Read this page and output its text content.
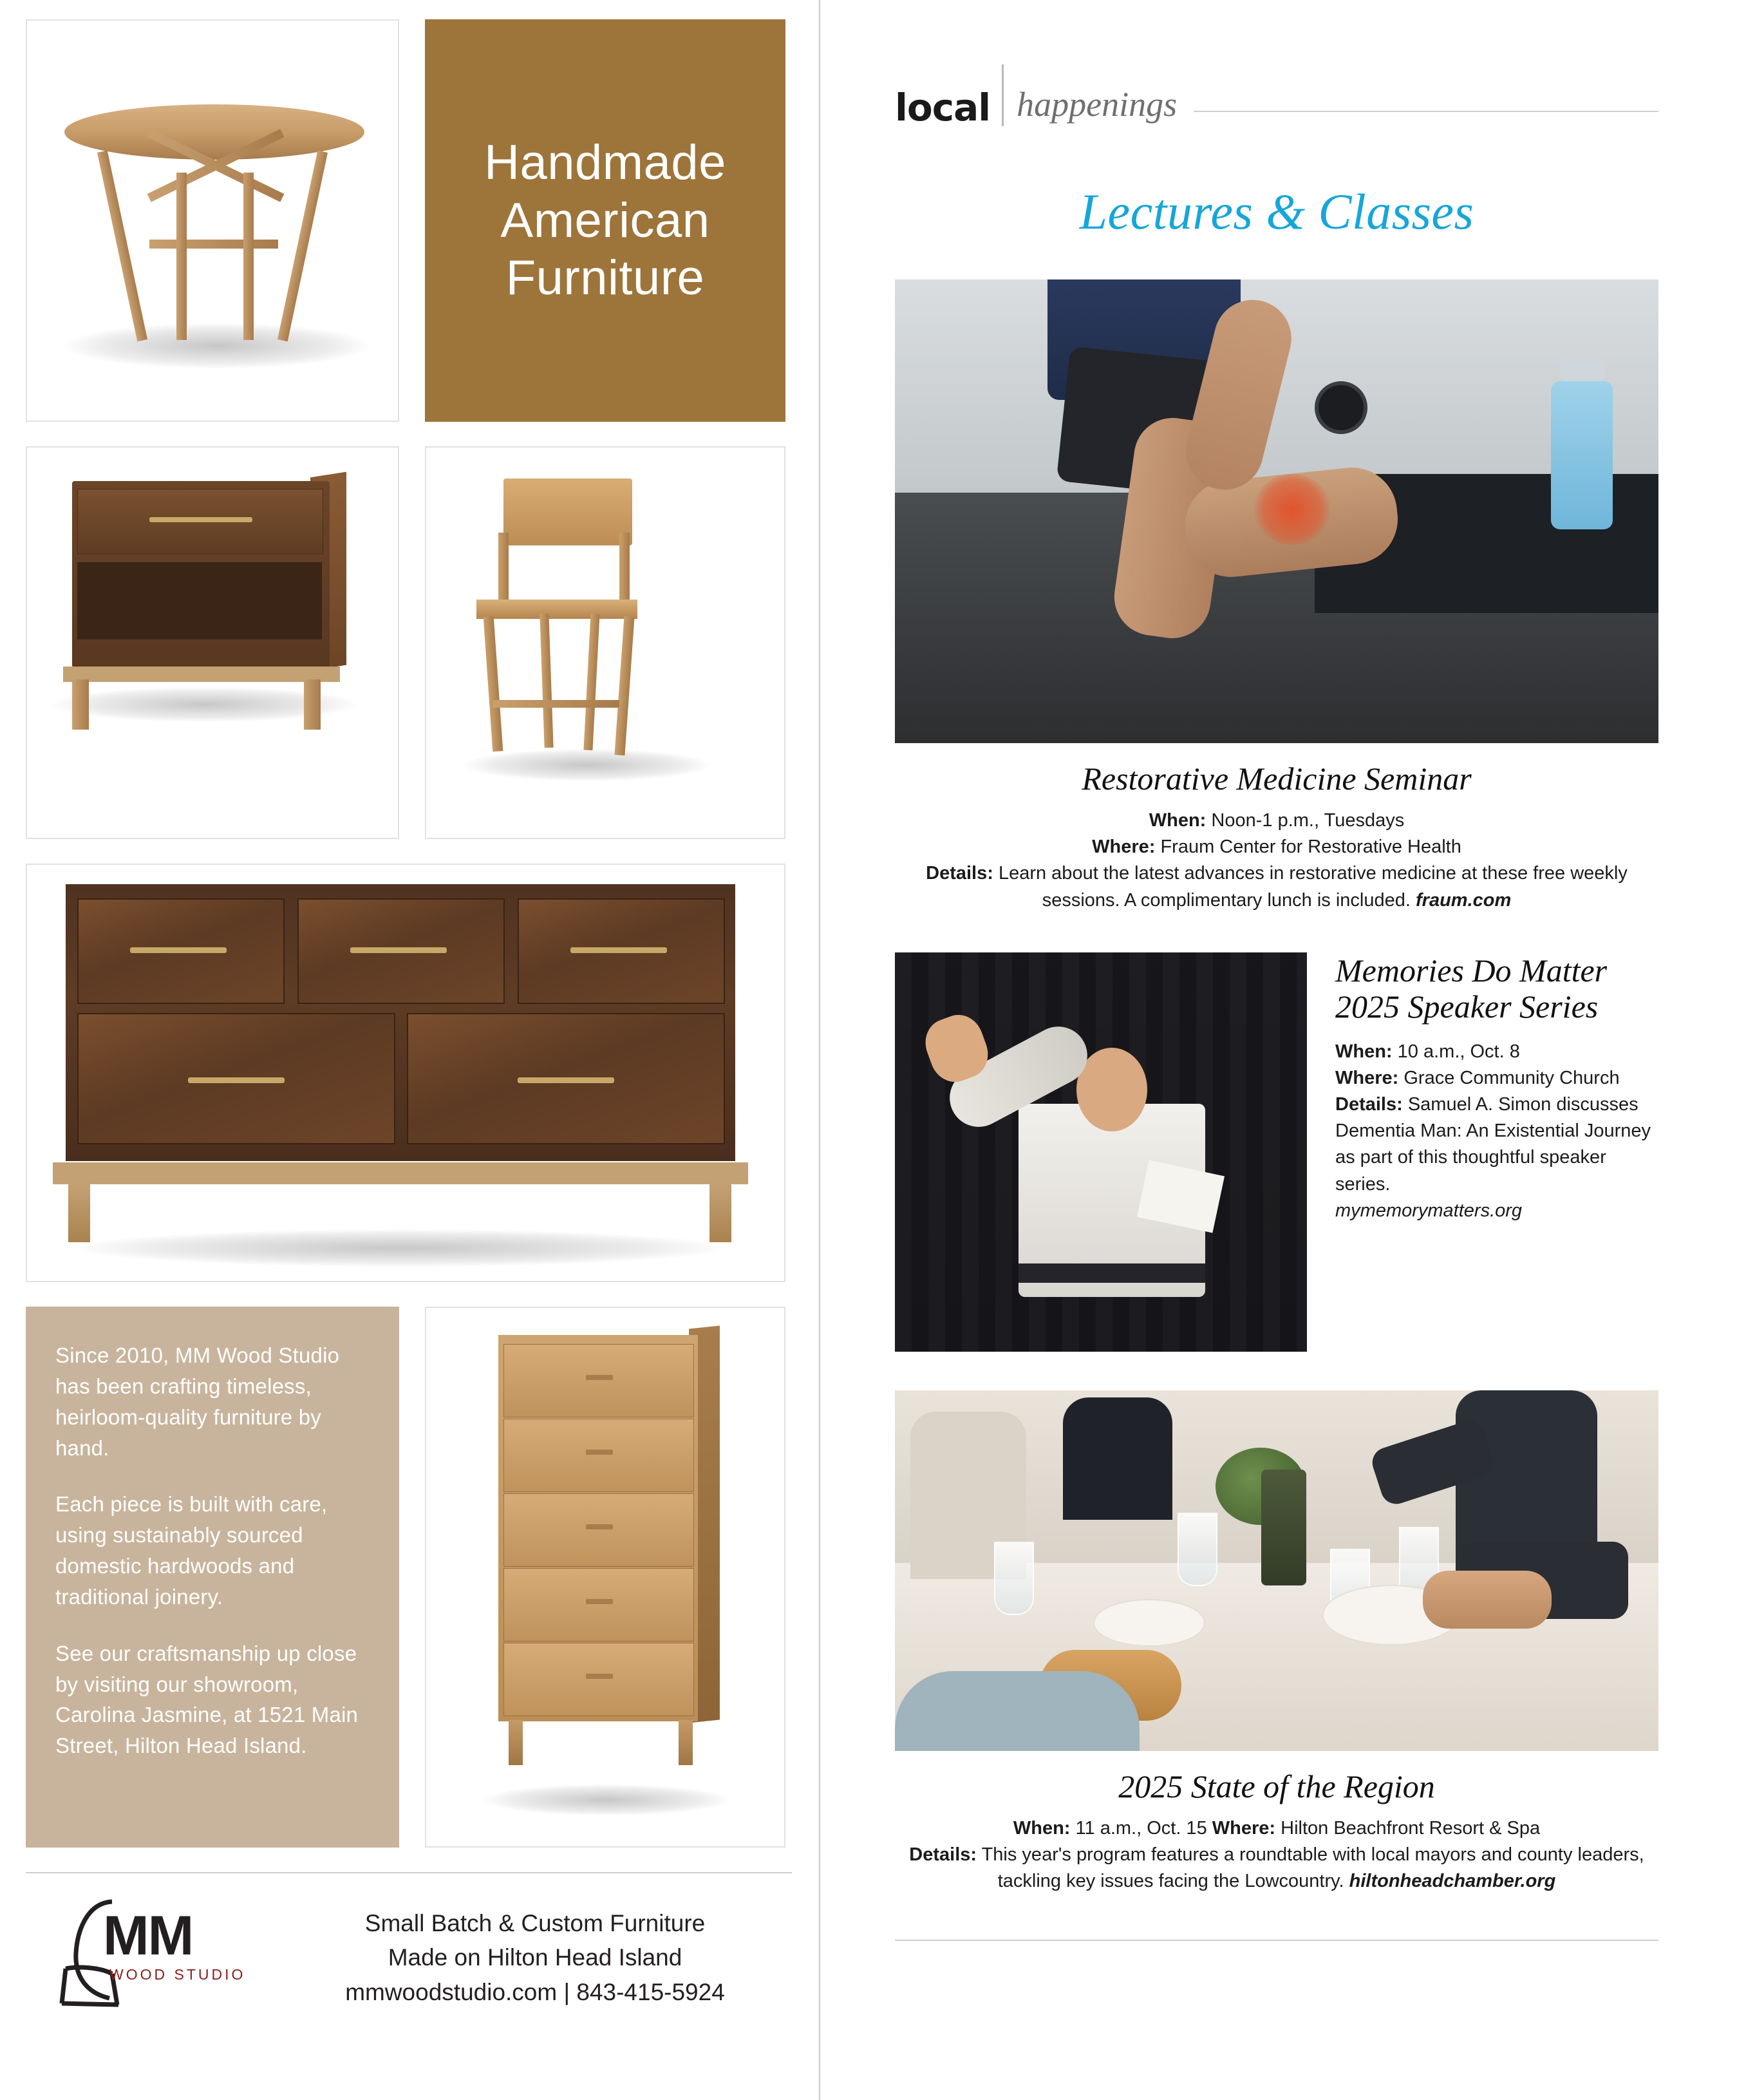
Handmade
American
Furniture

Since 2010, MM Wood Studio has been crafting timeless, heirloom-quality furniture by hand.

Each piece is built with care, using sustainably sourced domestic hardwoods and traditional joinery.

See our craftsmanship up close by visiting our showroom, Carolina Jasmine, at 1521 Main Street, Hilton Head Island.

MM
WOOD STUDIO
Small Batch & Custom Furniture
Made on Hilton Head Island
mmwoodstudio.com | 843-415-5924
local happenings
Lectures & Classes
Restorative Medicine Seminar
When: Noon-1 p.m., Tuesdays
Where: Fraum Center for Restorative Health
Details: Learn about the latest advances in restorative medicine at these free weekly sessions. A complimentary lunch is included. fraum.com
Memories Do Matter 2025 Speaker Series
When: 10 a.m., Oct. 8
Where: Grace Community Church
Details: Samuel A. Simon discusses Dementia Man: An Existential Journey as part of this thoughtful speaker series.
mymemorymatters.org
2025 State of the Region
When: 11 a.m., Oct. 15 Where: Hilton Beachfront Resort & Spa
Details: This year's program features a roundtable with local mayors and county leaders, tackling key issues facing the Lowcountry. hiltonheadchamber.org
